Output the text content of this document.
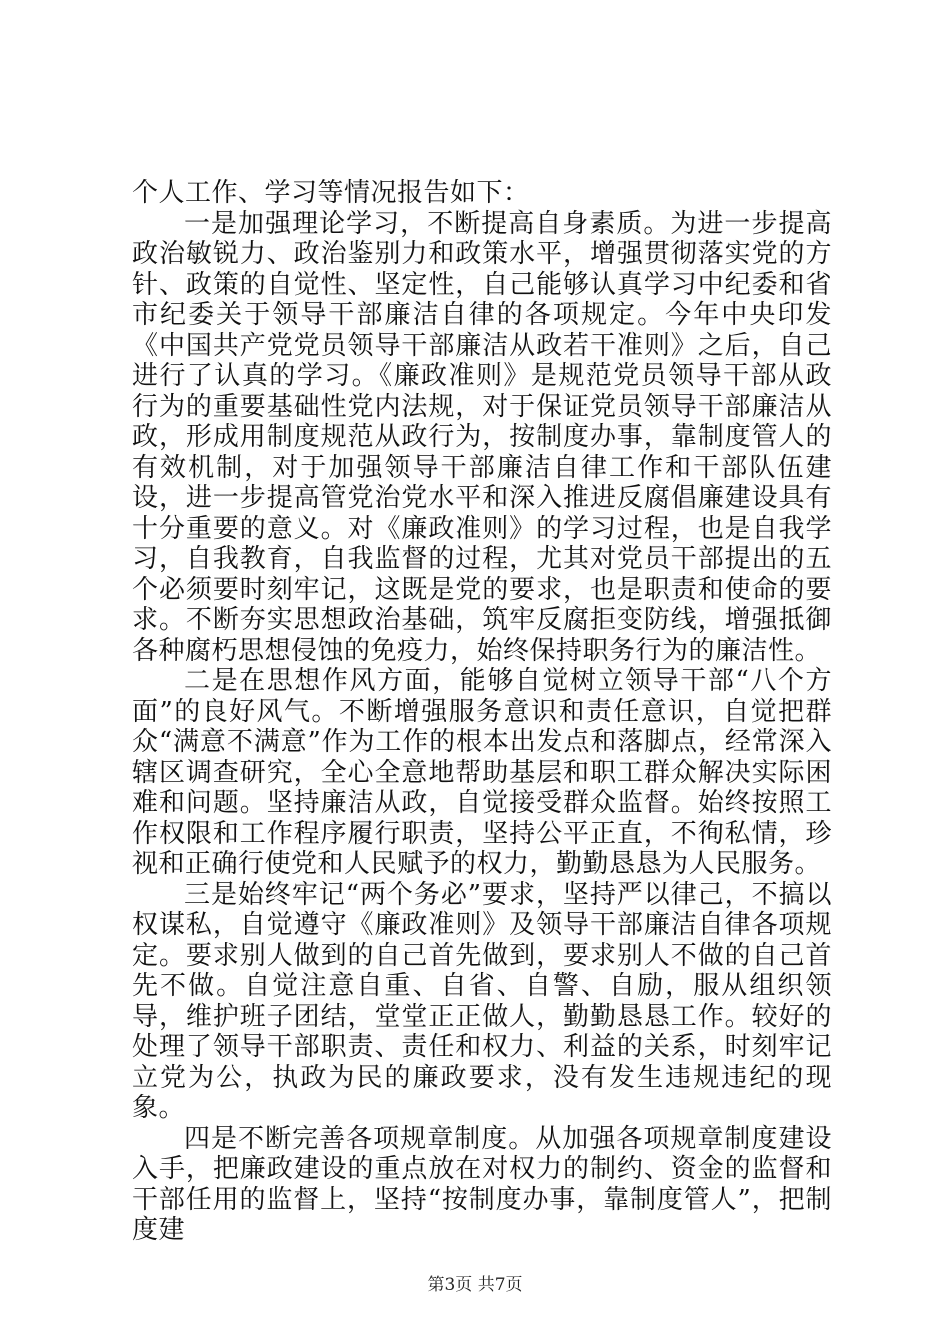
个人工作、学习等情况报告如下：

一是加强理论学习，不断提高自身素质。为进一步提高政治敏锐力、政治鉴别力和政策水平，增强贯彻落实党的方针、政策的自觉性、坚定性，自己能够认真学习中纪委和省市纪委关于领导干部廉洁自律的各项规定。今年中央印发《中国共产党党员领导干部廉洁从政若干准则》之后，自己进行了认真的学习。《廉政准则》是规范党员领导干部从政行为的重要基础性党内法规，对于保证党员领导干部廉洁从政，形成用制度规范从政行为，按制度办事，靠制度管人的有效机制，对于加强领导干部廉洁自律工作和干部队伍建设，进一步提高管党治党水平和深入推进反腐倡廉建设具有十分重要的意义。对《廉政准则》的学习过程，也是自我学习，自我教育，自我监督的过程，尤其对党员干部提出的五个必须要时刻牢记，这既是党的要求，也是职责和使命的要求。不断夯实思想政治基础，筑牢反腐拒变防线，增强抵御各种腐朽思想侵蚀的免疫力，始终保持职务行为的廉洁性。

二是在思想作风方面，能够自觉树立领导干部“八个方面”的良好风气。不断增强服务意识和责任意识，自觉把群众“满意不满意”作为工作的根本出发点和落脚点，经常深入辖区调查研究，全心全意地帮助基层和职工群众解决实际困难和问题。坚持廉洁从政，自觉接受群众监督。始终按照工作权限和工作程序履行职责，坚持公平正直，不徇私情，珍视和正确行使党和人民赋予的权力，勤勤恳恳为人民服务。

三是始终牢记“两个务必”要求，坚持严以律己，不搞以权谋私，自觉遵守《廉政准则》及领导干部廉洁自律各项规定。要求别人做到的自己首先做到，要求别人不做的自己首先不做。自觉注意自重、自省、自警、自励，服从组织领导，维护班子团结，堂堂正正做人，勤勤恳恳工作。较好的处理了领导干部职责、责任和权力、利益的关系，时刻牢记立党为公，执政为民的廉政要求，没有发生违规违纪的现象。

四是不断完善各项规章制度。从加强各项规章制度建设入手，把廉政建设的重点放在对权力的制约、资金的监督和干部任用的监督上，坚持“按制度办事，靠制度管人”，把制度建

第3页 共7页
